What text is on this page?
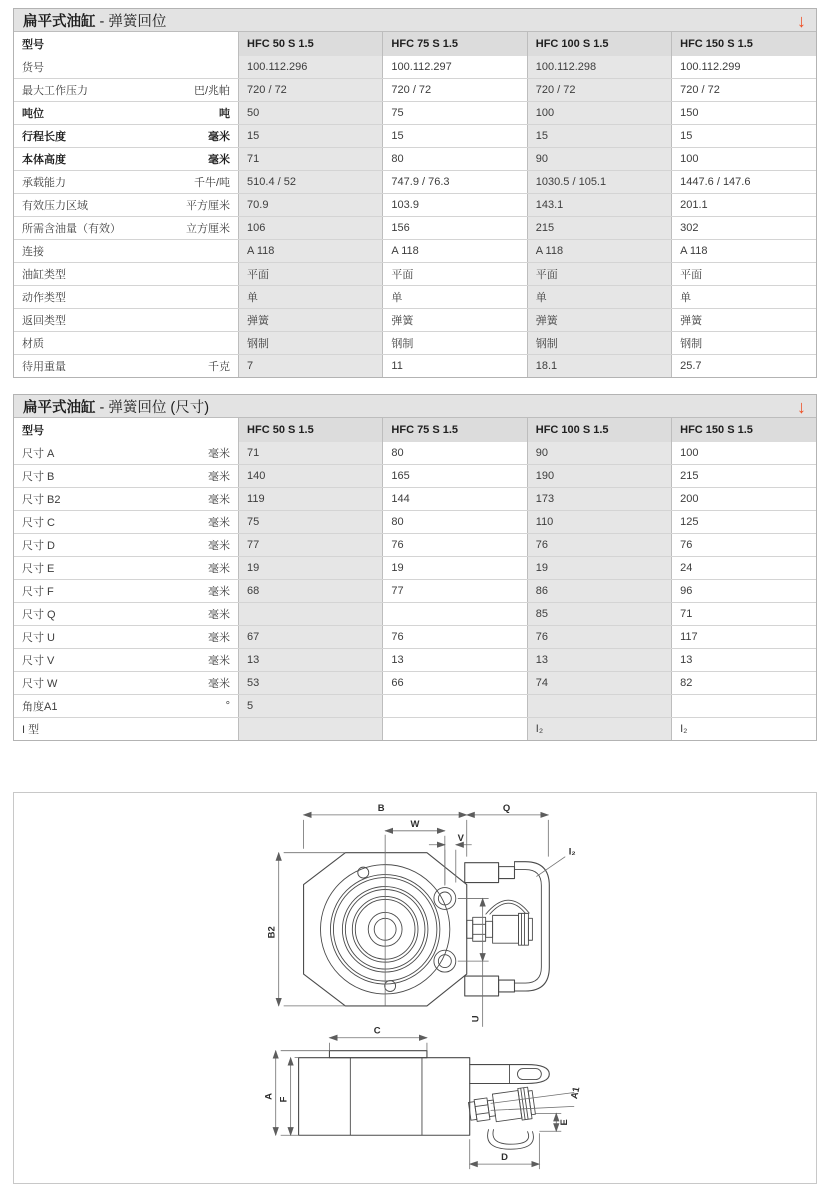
扁平式油缸 - 弹簧回位	↓
型号	HFC 50 S 1.5	HFC 75 S 1.5	HFC 100 S 1.5	HFC 150 S 1.5

货号	100.112.296	100.112.297	100.112.298	100.112.299

最大工作压力 巴/兆帕	720 / 72	720 / 72	720 / 72	720 / 72

吨位 吨	50	75	100	150

行程长度 毫米	15	15	15	15

本体高度 毫米	71	80	90	100

承载能力 千牛/吨	510.4 / 52	747.9 / 76.3	1030.5 / 105.1	1447.6 / 147.6

有效压力区域 平方厘米	70.9	103.9	143.1	201.1

所需含油量（有效） 立方厘米	106	156	215	302

连接	A 118	A 118	A 118	A 118

油缸类型	平面	平面	平面	平面

动作类型	单	单	单	单

返回类型	弹簧	弹簧	弹簧	弹簧

材质	钢制	钢制	钢制	钢制

待用重量 千克	7	11	18.1	25.7
扁平式油缸 - 弹簧回位 (尺寸)	↓
型号	HFC 50 S 1.5	HFC 75 S 1.5	HFC 100 S 1.5	HFC 150 S 1.5

尺寸 A 毫米	71	80	90	100

尺寸 B 毫米	140	165	190	215

尺寸 B2 毫米	119	144	173	200

尺寸 C 毫米	75	80	110	125

尺寸 D 毫米	77	76	76	76

尺寸 E 毫米	19	19	19	24

尺寸 F 毫米	68	77	86	96

尺寸 Q 毫米			85	71

尺寸 U 毫米	67	76	76	117

尺寸 V 毫米	13	13	13	13

尺寸 W 毫米	53	66	74	82

角度A1 °	5			

I 型			I₂	I₂
B	Q
W
V
B2
U
I₂
A F
C
D
E
A1
